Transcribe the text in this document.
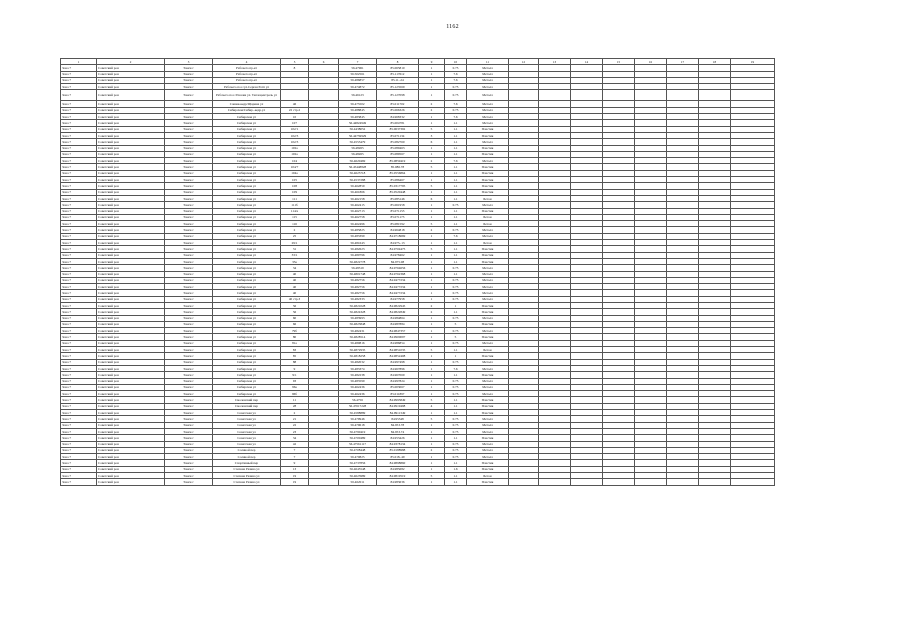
1162
1	2	3	4	5	6	7	8	9	10	11	12	13	14	15	16	17	18	19
Зона 7	Советский рон	Томск г	Рабочего пр-кт	8		56.47961	85.065810	1	0.75	Металл								
Зона 7	Советский рон	Томск г	Рабочего пр-кт			56.502561	85.117612	1	7.6	Металл								
Зона 7	Советский рон	Томск г	Рабочего пр-кт			56.486857	85.11ₓ.24	1	7.6	Металл								
Зона 7	Советский рон	Томск г	Рабочего пос./ул.Сергея Ротп ул			56.474872	85.123569	1	0.75	Металл								
Зона 7	Советский рон	Томск г	Рабочего пос./Пасеки ул. Теплоцентраль ул			56.46123	85.127098	1	0.75	Металл								
Зона 7	Советский рон	Томск г	Сашки-кедр/Щорина ул	46		56.475502	85.011702	2	7.6	Металл								
Зона 7	Советский рон	Томск г	Сибирская/Сибир.-кедр.ул	22 стр.2		56.488845	85.066326	2	0.75	Металл								
Зона 7	Советский рон	Томск г	Сибирская ул	10		56.483845	84.968332	1	7.6	Металл								
Зона 7	Советский рон	Томск г	Сибирская ул	107		56.44824949	85.004781	1	1.1	Металл								
Зона 7	Советский рон	Томск г	Сибирская ул	102/1		56.4438052	85.0637392	5	1.1	Пластик								
Зона 7	Советский рон	Томск г	Сибирская ул	102/3		56.44759929	85.071134	3	1.1	Пластик								
Зона 7	Советский рон	Томск г	Сибирская ул	102/3		56.4553479	85.082760	6	1.1	Металл								
Зона 7	Советский рон	Томск г	Сибирская ул	102а		56.48265	85.089463	1	1.1	Пластик								
Зона 7	Советский рон	Томск г	Сибирская ул	102а		56.48265	85.089567	1	1.1	Пластик								
Зона 7	Советский рон	Томск г	Сибирская ул	104		56.4620469	85.0859419	2	7.6	Металл								
Зона 7	Советский рон	Томск г	Сибирская ул	104/7		56.45448828	85.086.78	5	1.1	Пластик								
Зона 7	Советский рон	Томск г	Сибирская ул	104а		56.4625718	85.0556864	1	1.1	Пластик								
Зона 7	Советский рон	Томск г	Сибирская ул	105		56.4537288	85.086467	1	1.1	Пластик								
Зона 7	Советский рон	Томск г	Сибирская ул	108		56.462859	85.0317795	5	1.1	Пластик								
Зона 7	Советский рон	Томск г	Сибирская ул	109		56.461866	85.0520448	1	1.1	Пластик								
Зона 7	Советский рон	Томск г	Сибирская ул	111		56.462158	85.085146	6	1.1	Бетон								
Зона 7	Советский рон	Томск г	Сибирская ул	111б		56.462415	85.061958	1	0.75	Металл								
Зона 7	Советский рон	Томск г	Сибирская ул	114/а		56.462713	85.071153	1	1.1	Пластик								
Зона 7	Советский рон	Томск г	Сибирская ул	115		56.462758	85.071173	1	1.1	Бетон								
Зона 7	Советский рон	Томск г	Сибирская ул	116		56.462496	85.081592	5	1.1	Бетон								
Зона 7	Советский рон	Томск г	Сибирская ул	2		56.485825	84.964818	2	0.75	Металл								
Зона 7	Советский рон	Томск г	Сибирская ул	25		56.483399	84.9718669	1	7.6	Металл								
Зона 7	Советский рон	Томск г	Сибирская ул	29/1		56.481643	84.975..13	1	1.1	Бетон								
Зона 7	Советский рон	Томск г	Сибирская ул	31		56.482623	84.9704475	5	1.1	Пластик								
Зона 7	Советский рон	Томск г	Сибирская ул	33/1		56.480796	84.978462	1	1.1	Пластик								
Зона 7	Советский рон	Томск г	Сибирская ул	33а		56.4822778	84.975.08	1	1.1	Пластик								
Зона 7	Советский рон	Томск г	Сибирская ул	34		56.48319	84.9764656	1	0.75	Металл								
Зона 7	Советский рон	Томск г	Сибирская ул	40		56.4801748	84.9762368	1	1.1	Металл								
Зона 7	Советский рон	Томск г	Сибирская ул	40		56.482756	84.9477234	1	0.75	Металл								
Зона 7	Советский рон	Томск г	Сибирская ул	40		56.482756	84.9477234	1	0.75	Металл								
Зона 7	Советский рон	Томск г	Сибирская ул	40		56.482756	84.9477234	1	0.75	Металл								
Зона 7	Советский рон	Томск г	Сибирская ул	40 стр.3		56.482333	84.977958	1	0.75	Металл								
Зона 7	Советский рон	Томск г	Сибирская ул	56		56.4821028	84.9822945	2	1	Пластик								
Зона 7	Советский рон	Томск г	Сибирская ул	56		56.4824328	84.9822849	2	1.1	Пластик								
Зона 7	Советский рон	Томск г	Сибирская ул	60		56.483993	84.984864	1	0.75	Металл								
Зона 7	Советский рон	Томск г	Сибирская ул	66		56.4823848	84.987884	1	5	Пластик								
Зона 7	Советский рон	Томск г	Сибирская ул	79б		56.482431	84.9847357	1	0.75	Металл								
Зона 7	Советский рон	Томск г	Сибирская ул	80		56.4828514	84.9900097	1	5	Пластик								
Зона 7	Советский рон	Томск г	Сибирская ул	81а		56.480816	84.986854	1	0.75	Металл								
Зона 7	Советский рон	Томск г	Сибирская ул	83		56.4872935	84.9851035	5	1.1	Бетон								
Зона 7	Советский рон	Томск г	Сибирская ул	85		56.4818258	84.9852408	1	1	Пластик								
Зона 7	Советский рон	Томск г	Сибирская ул	88		56.482032	84.997498	1	0.75	Металл								
Зона 7	Советский рон	Томск г	Сибирская ул	9		56.483374	84.967896	1	7.6	Металл								
Зона 7	Советский рон	Томск г	Сибирская ул	9/1		56.482238	84.967069	1	1.1	Пластик								
Зона 7	Советский рон	Томск г	Сибирская ул	93		56.483599	84.997824	1	0.75	Металл								
Зона 7	Советский рон	Томск г	Сибирская ул	96а		56.462436	85.003067	1	0.75	Металл								
Зона 7	Советский рон	Томск г	Сибирская ул	96б		56.462436	85.011897	1	0.75	Металл								
Зона 7	Советский рон	Томск г	Смоленский пер	11		56.4756	84.9993849	5	1.1	Пластик								
Зона 7	Советский рон	Томск г	Смоленский пер	28		56.47617228	84.9919498	4	1.1	Пластик								
Зона 7	Советский рон	Томск г	Советская ул	2		56.4588889	84.9911349	1	1.1	Пластик								
Зона 7	Советский рон	Томск г	Советская ул	21		56.479946	84.95348	5	0.75	Металл								
Зона 7	Советский рон	Томск г	Советская ул	22		56.479618	84.953.78	1	0.75	Металл								
Зона 7	Советский рон	Томск г	Советская ул	23		56.4790419	84.953.74	1	0.75	Металл								
Зона 7	Советский рон	Томск г	Советская ул	34		56.4700489	84.953426	1	1.1	Пластик								
Зона 7	Советский рон	Томск г	Советская ул	42		56.47561117	84.9378134	1	0.75	Металл								
Зона 7	Советский рон	Томск г	Соляной пер	7		56.4708448	85.0188988	2	0.75	Металл								
Зона 7	Советский рон	Томск г	Соляной пер	7		56.470825	85.018..49	1	0.75	Металл								
Зона 7	Советский рон	Томск г	Спортивный пер	9		56.4737856	84.9898860	1	1.1	Пластик								
Зона 7	Советский рон	Томск г	Степана Разина ул	13		56.4645548	84.985682	1	1.6	Пластик								
Зона 7	Советский рон	Томск г	Степана Разина ул	19		56.4623989	84.9819519	5	1.1	Бетон								
Зона 7	Советский рон	Томск г	Степана Разина ул	19		56.462011	84.983636	1	1.1	Пластик								
